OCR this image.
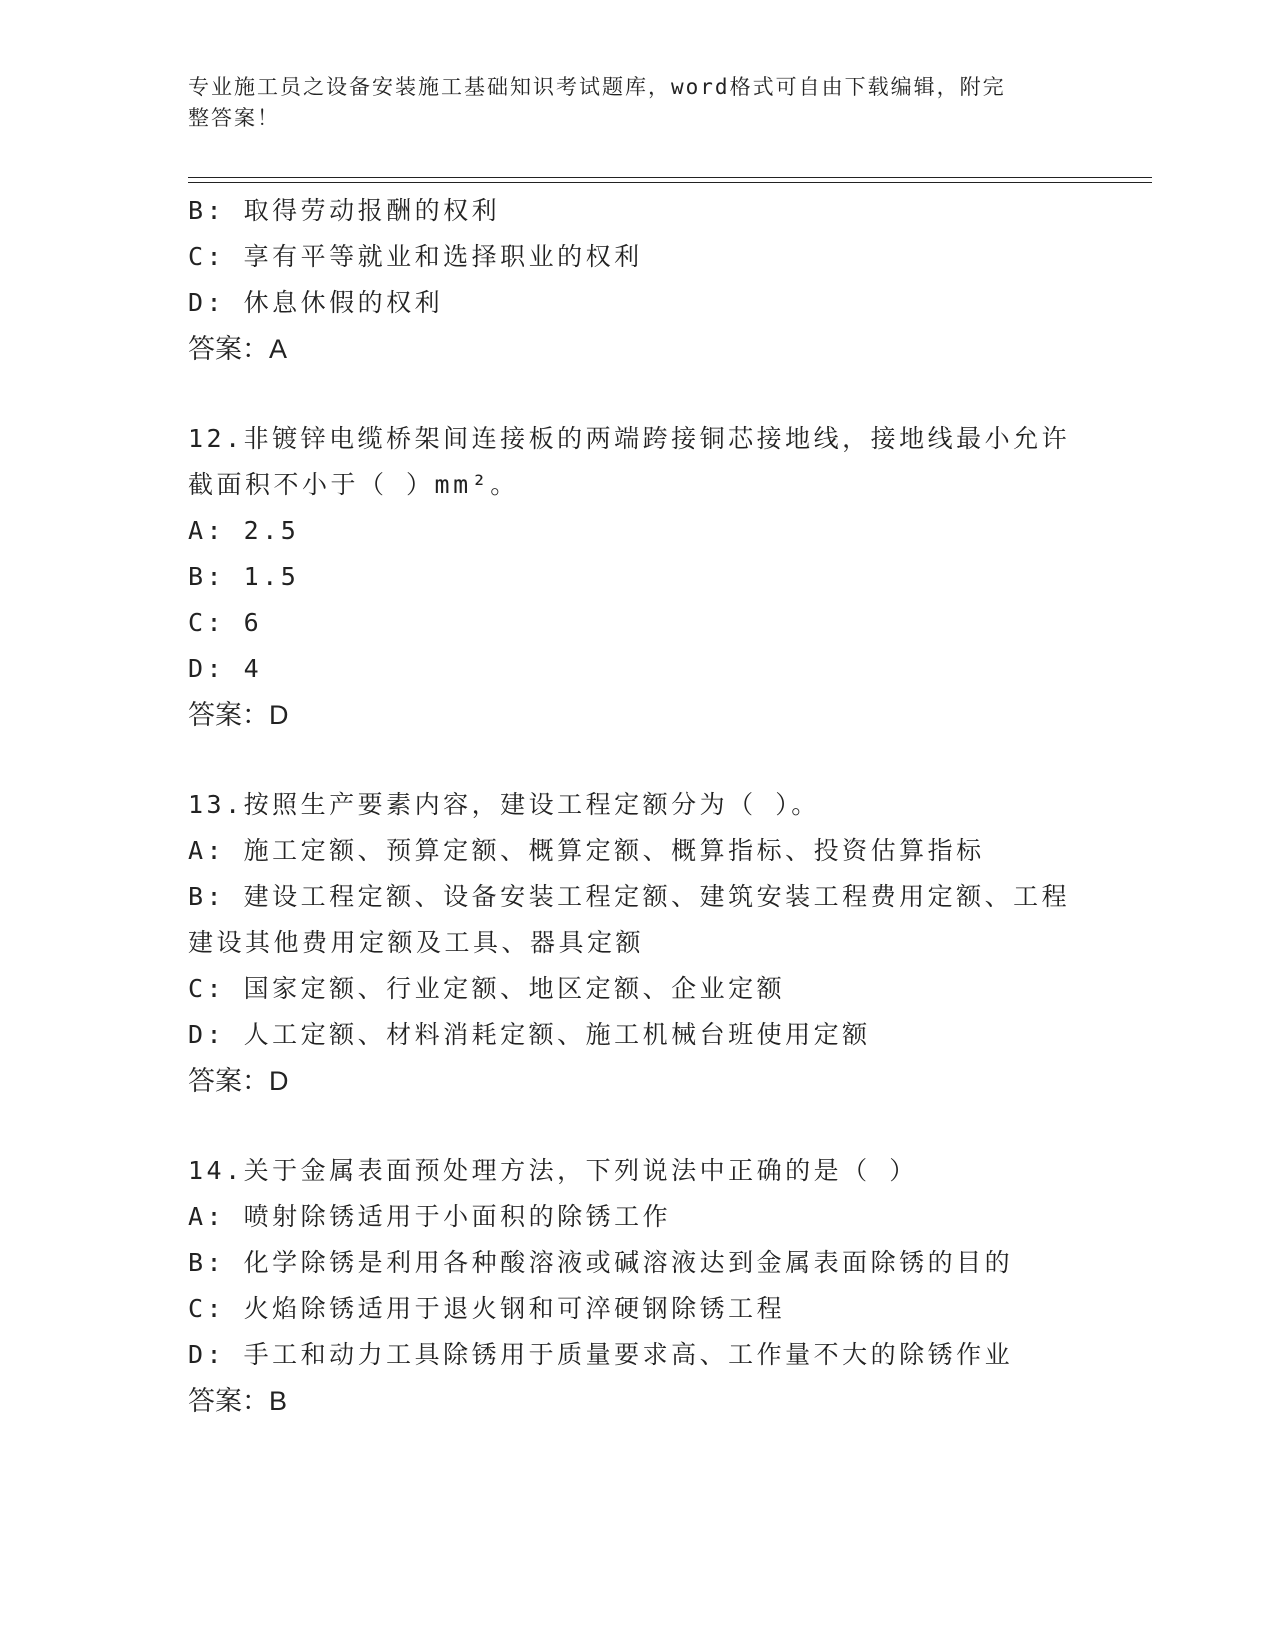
专业施工员之设备安装施工基础知识考试题库，word格式可自由下载编辑，附完
整答案！
B: 取得劳动报酬的权利
C: 享有平等就业和选择职业的权利
D: 休息休假的权利
答案：A
12.非镀锌电缆桥架间连接板的两端跨接铜芯接地线，接地线最小允许
截面积不小于（ ）mm²。
A: 2.5
B: 1.5
C: 6
D: 4
答案：D
13.按照生产要素内容，建设工程定额分为（ ）。
A: 施工定额、预算定额、概算定额、概算指标、投资估算指标
B: 建设工程定额、设备安装工程定额、建筑安装工程费用定额、工程
建设其他费用定额及工具、器具定额
C: 国家定额、行业定额、地区定额、企业定额
D: 人工定额、材料消耗定额、施工机械台班使用定额
答案：D
14.关于金属表面预处理方法，下列说法中正确的是（ ）
A: 喷射除锈适用于小面积的除锈工作
B: 化学除锈是利用各种酸溶液或碱溶液达到金属表面除锈的目的
C: 火焰除锈适用于退火钢和可淬硬钢除锈工程
D: 手工和动力工具除锈用于质量要求高、工作量不大的除锈作业
答案：B
